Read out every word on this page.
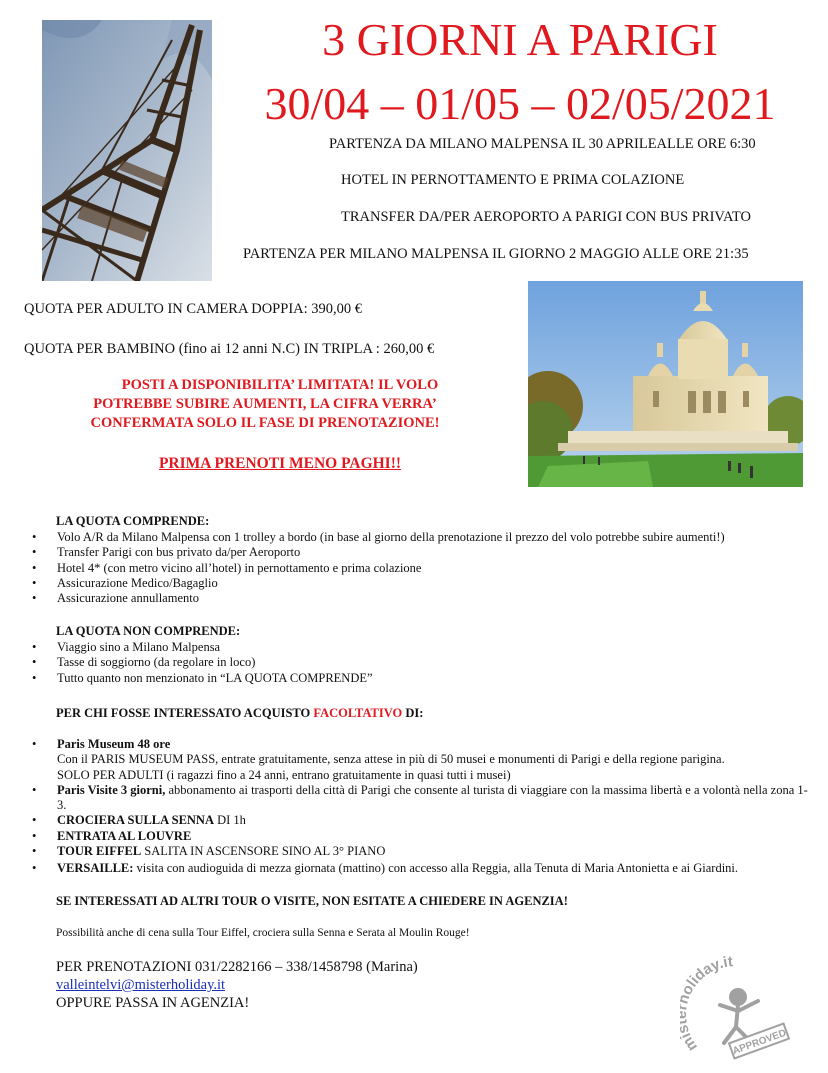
3 GIORNI A PARIGI
30/04 – 01/05 – 02/05/2021
PARTENZA DA MILANO MALPENSA IL 30 APRILEALLE ORE 6:30
HOTEL IN PERNOTTAMENTO E PRIMA COLAZIONE
TRANSFER DA/PER AEROPORTO A PARIGI CON BUS PRIVATO
PARTENZA PER MILANO MALPENSA IL GIORNO 2 MAGGIO ALLE ORE 21:35
QUOTA PER ADULTO IN CAMERA DOPPIA: 390,00 €
QUOTA PER BAMBINO (fino ai 12 anni N.C) IN TRIPLA : 260,00 €
POSTI A DISPONIBILITA’ LIMITATA! IL VOLO
POTREBBE SUBIRE AUMENTI, LA CIFRA VERRA’
CONFERMATA SOLO IL FASE DI PRENOTAZIONE!
PRIMA PRENOTI MENO PAGHI!!
LA QUOTA COMPRENDE:
• Volo A/R da Milano Malpensa con 1 trolley a bordo (in base al giorno della prenotazione il prezzo del volo potrebbe subire aumenti!)
• Transfer Parigi con bus privato da/per Aeroporto
• Hotel 4* (con metro vicino all’hotel) in pernottamento e prima colazione
• Assicurazione Medico/Bagaglio
• Assicurazione annullamento
LA QUOTA NON COMPRENDE:
• Viaggio sino a Milano Malpensa
• Tasse di soggiorno (da regolare in loco)
• Tutto quanto non menzionato in “LA QUOTA COMPRENDE”
PER CHI FOSSE INTERESSATO ACQUISTO FACOLTATIVO DI:
• Paris Museum 48 ore
Con il PARIS MUSEUM PASS, entrate gratuitamente, senza attese in più di 50 musei e monumenti di Parigi e della regione parigina.
SOLO PER ADULTI (i ragazzi fino a 24 anni, entrano gratuitamente in quasi tutti i musei)
• Paris Visite 3 giorni, abbonamento ai trasporti della città di Parigi che consente al turista di viaggiare con la massima libertà e a volontà nella zona 1-3.
• CROCIERA SULLA SENNA DI 1h
• ENTRATA AL LOUVRE
• TOUR EIFFEL SALITA IN ASCENSORE SINO AL 3° PIANO
• VERSAILLE: visita con audioguida di mezza giornata (mattino) con accesso alla Reggia, alla Tenuta di Maria Antonietta e ai Giardini.
SE INTERESSATI AD ALTRI TOUR O VISITE, NON ESITATE A CHIEDERE IN AGENZIA!
Possibilità anche di cena sulla Tour Eiffel, crociera sulla Senna e Serata al Moulin Rouge!
PER PRENOTAZIONI 031/2282166 – 338/1458798 (Marina)
valleintelvi@misterholiday.it
OPPURE PASSA IN AGENZIA!
m oliday.it
APPROVED
